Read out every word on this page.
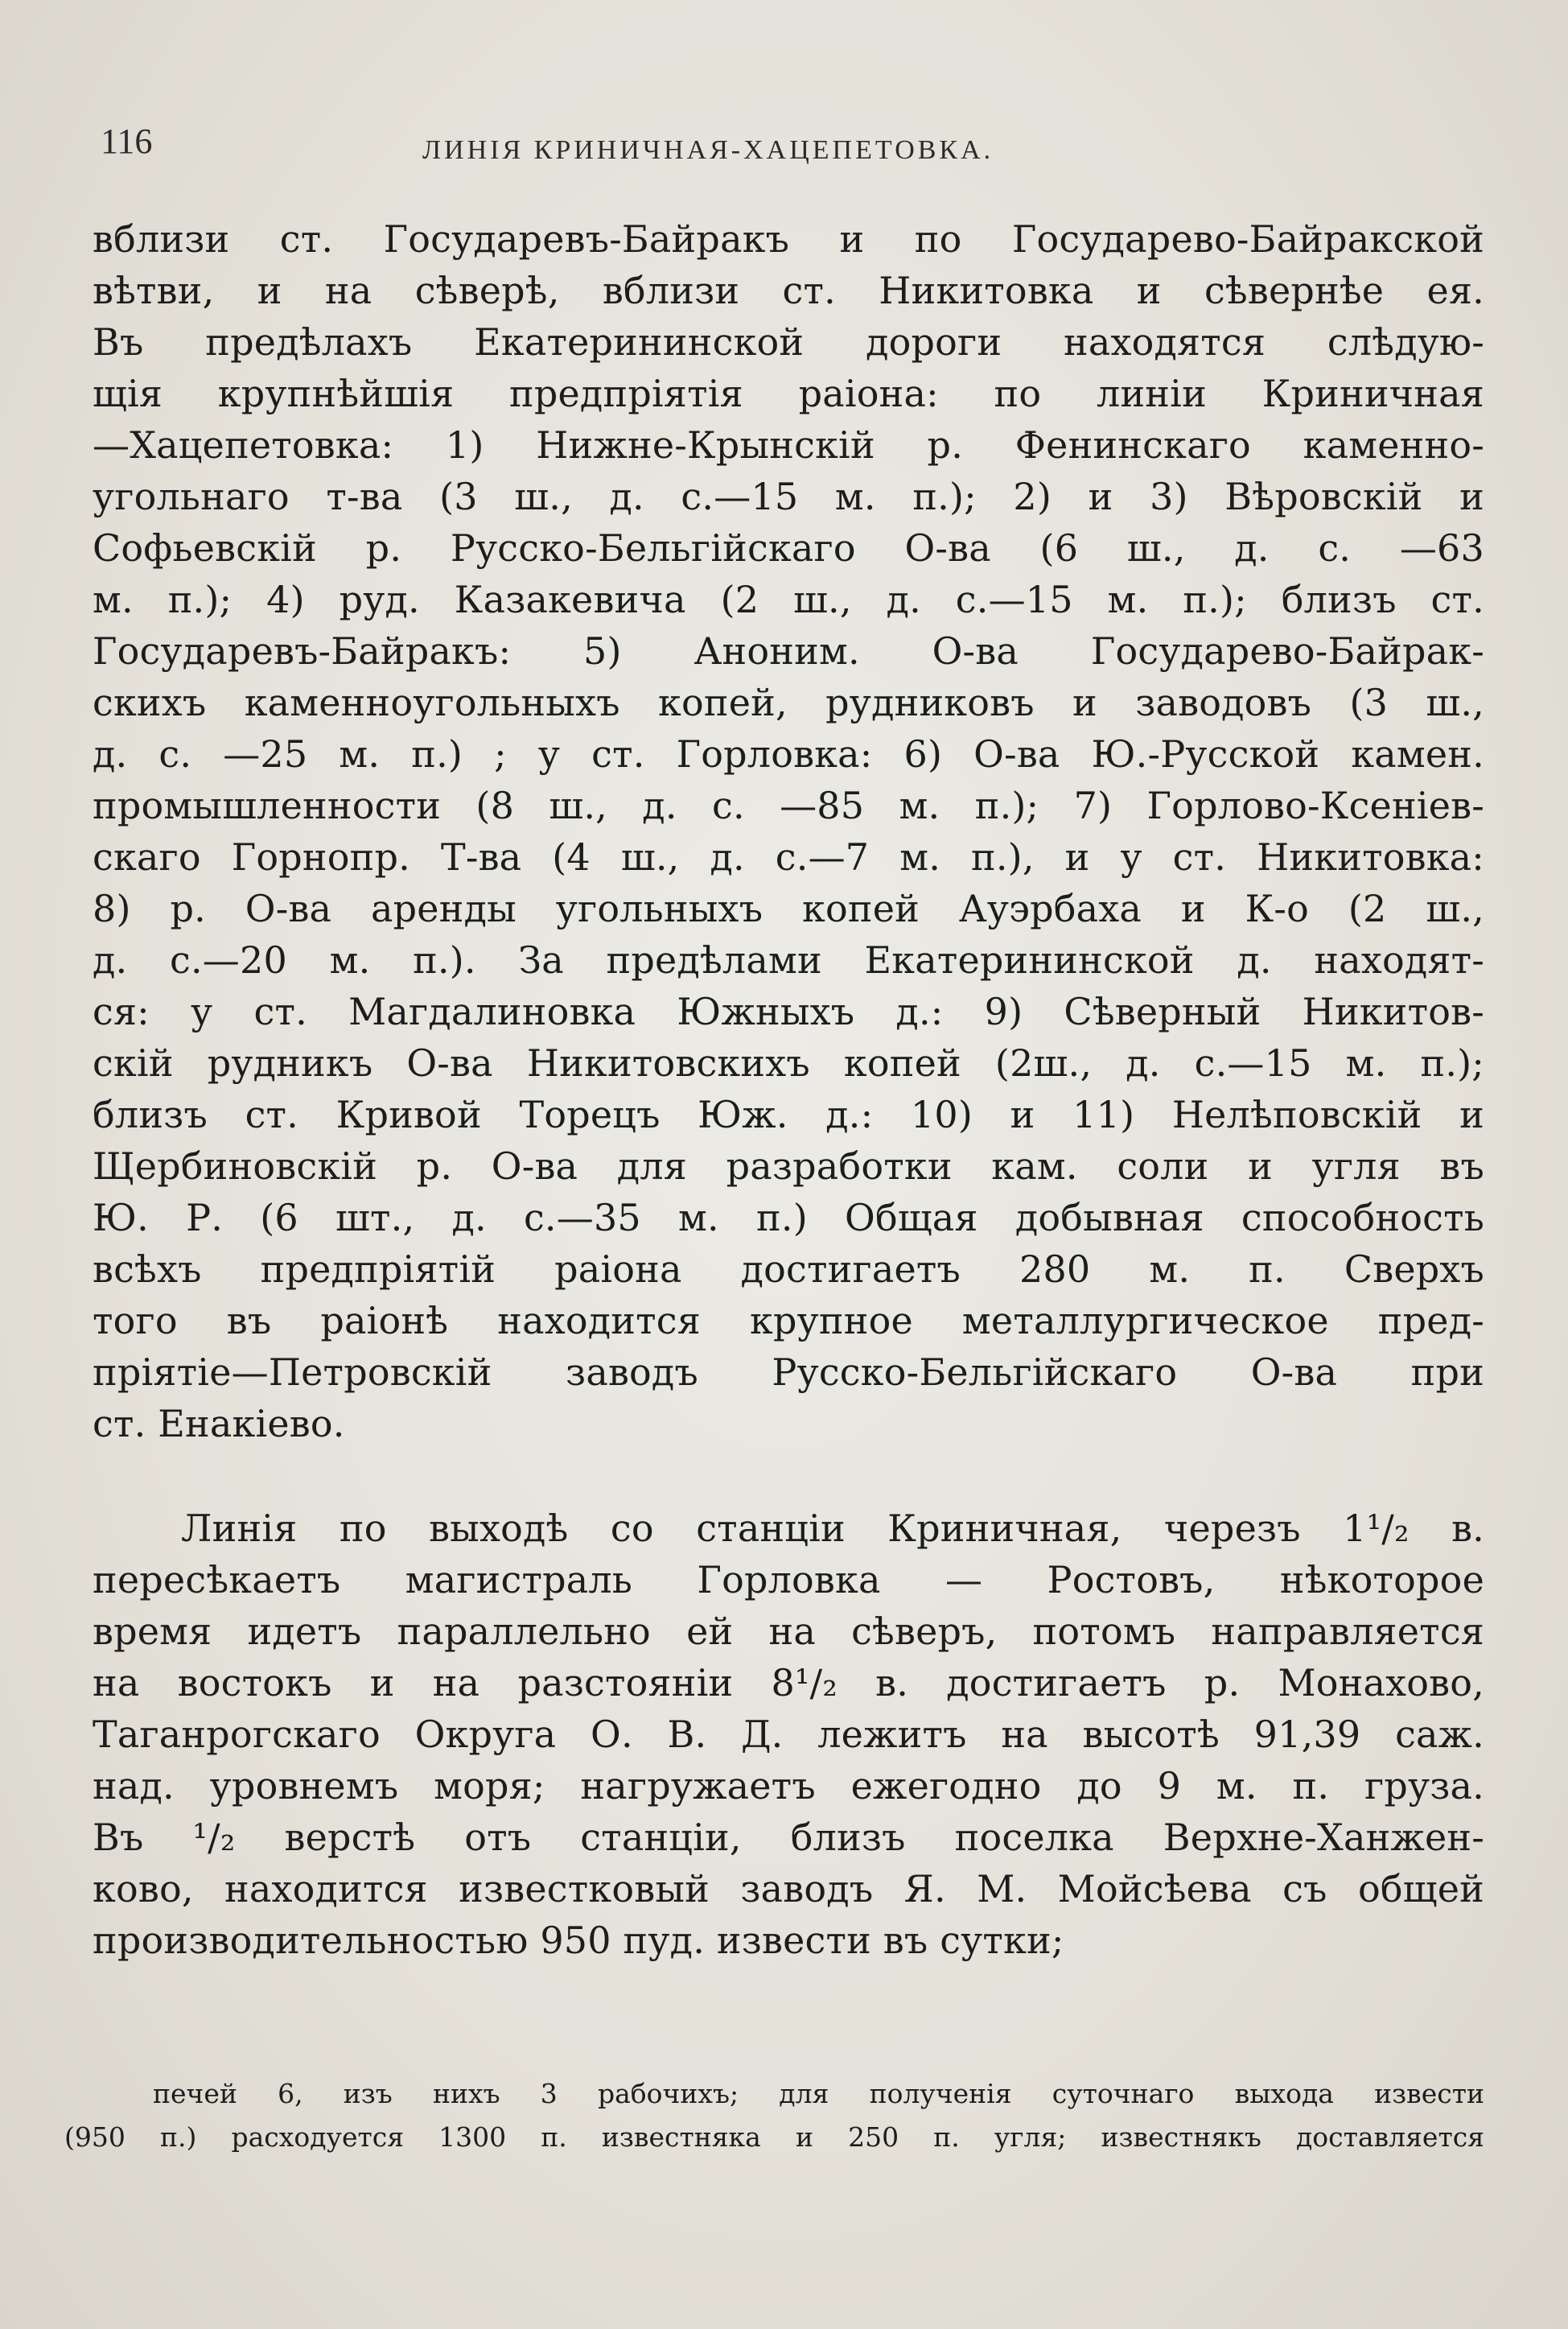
116	ЛИНІЯ КРИНИЧНАЯ-ХАЦЕПЕТОВКА.
вблизи ст. Государевъ-Байракъ и по Государево-Байракской
вѣтви, и на сѣверѣ, вблизи ст. Никитовка и сѣвернѣе ея.
Въ предѣлахъ Екатерининской дороги находятся слѣдую-
щія крупнѣйшія предпріятія раіона: по линіи Криничная
—Хацепетовка: 1) Нижне-Крынскій р. Фенинскаго каменно-
угольнаго т-ва (3 ш., д. с.—15 м. п.); 2) и 3) Вѣровскій и
Софьевскій р. Русско-Бельгійскаго О-ва (6 ш., д. с. —63
м. п.); 4) руд. Казакевича (2 ш., д. с.—15 м. п.); близъ ст.
Государевъ-Байракъ: 5) Аноним. О-ва Государево-Байрак-
скихъ каменноугольныхъ копей, рудниковъ и заводовъ (3 ш.,
д. с. —25 м. п.) ; у ст. Горловка: 6) О-ва Ю.-Русской камен.
промышленности (8 ш., д. с. —85 м. п.); 7) Горлово-Ксеніев-
скаго Горнопр. Т-ва (4 ш., д. с.—7 м. п.), и у ст. Никитовка:
8) р. О-ва аренды угольныхъ копей Ауэрбаха и К-о (2 ш.,
д. с.—20 м. п.). За предѣлами Екатерининской д. находят-
ся: у ст. Магдалиновка Южныхъ д.: 9) Сѣверный Никитов-
скій рудникъ О-ва Никитовскихъ копей (2ш., д. с.—15 м. п.);
близъ ст. Кривой Торецъ Юж. д.: 10) и 11) Нелѣповскій и
Щербиновскій р. О-ва для разработки кам. соли и угля въ
Ю. Р. (6 шт., д. с.—35 м. п.) Общая добывная способность
всѣхъ предпріятій раіона достигаетъ 280 м. п. Сверхъ
того въ раіонѣ находится крупное металлургическое пред-
пріятіе—Петровскій заводъ Русско-Бельгійскаго О-ва при
ст. Енакіево.
Линія по выходѣ со станціи Криничная, черезъ 1¹/₂ в.
пересѣкаетъ магистраль Горловка — Ростовъ, нѣкоторое
время идетъ параллельно ей на сѣверъ, потомъ направляется
на востокъ и на разстояніи 8¹/₂ в. достигаетъ р. Монахово,
Таганрогскаго Округа О. В. Д. лежитъ на высотѣ 91,39 саж.
над. уровнемъ моря; нагружаетъ ежегодно до 9 м. п. груза.
Въ ¹/₂ верстѣ отъ станціи, близъ поселка Верхне-Ханжен-
ково, находится известковый заводъ Я. М. Мойсѣева съ общей
производительностью 950 пуд. извести въ сутки;
печей 6, изъ нихъ 3 рабочихъ; для полученія суточнаго выхода извести
(950 п.) расходуется 1300 п. известняка и 250 п. угля; известнякъ доставляется
